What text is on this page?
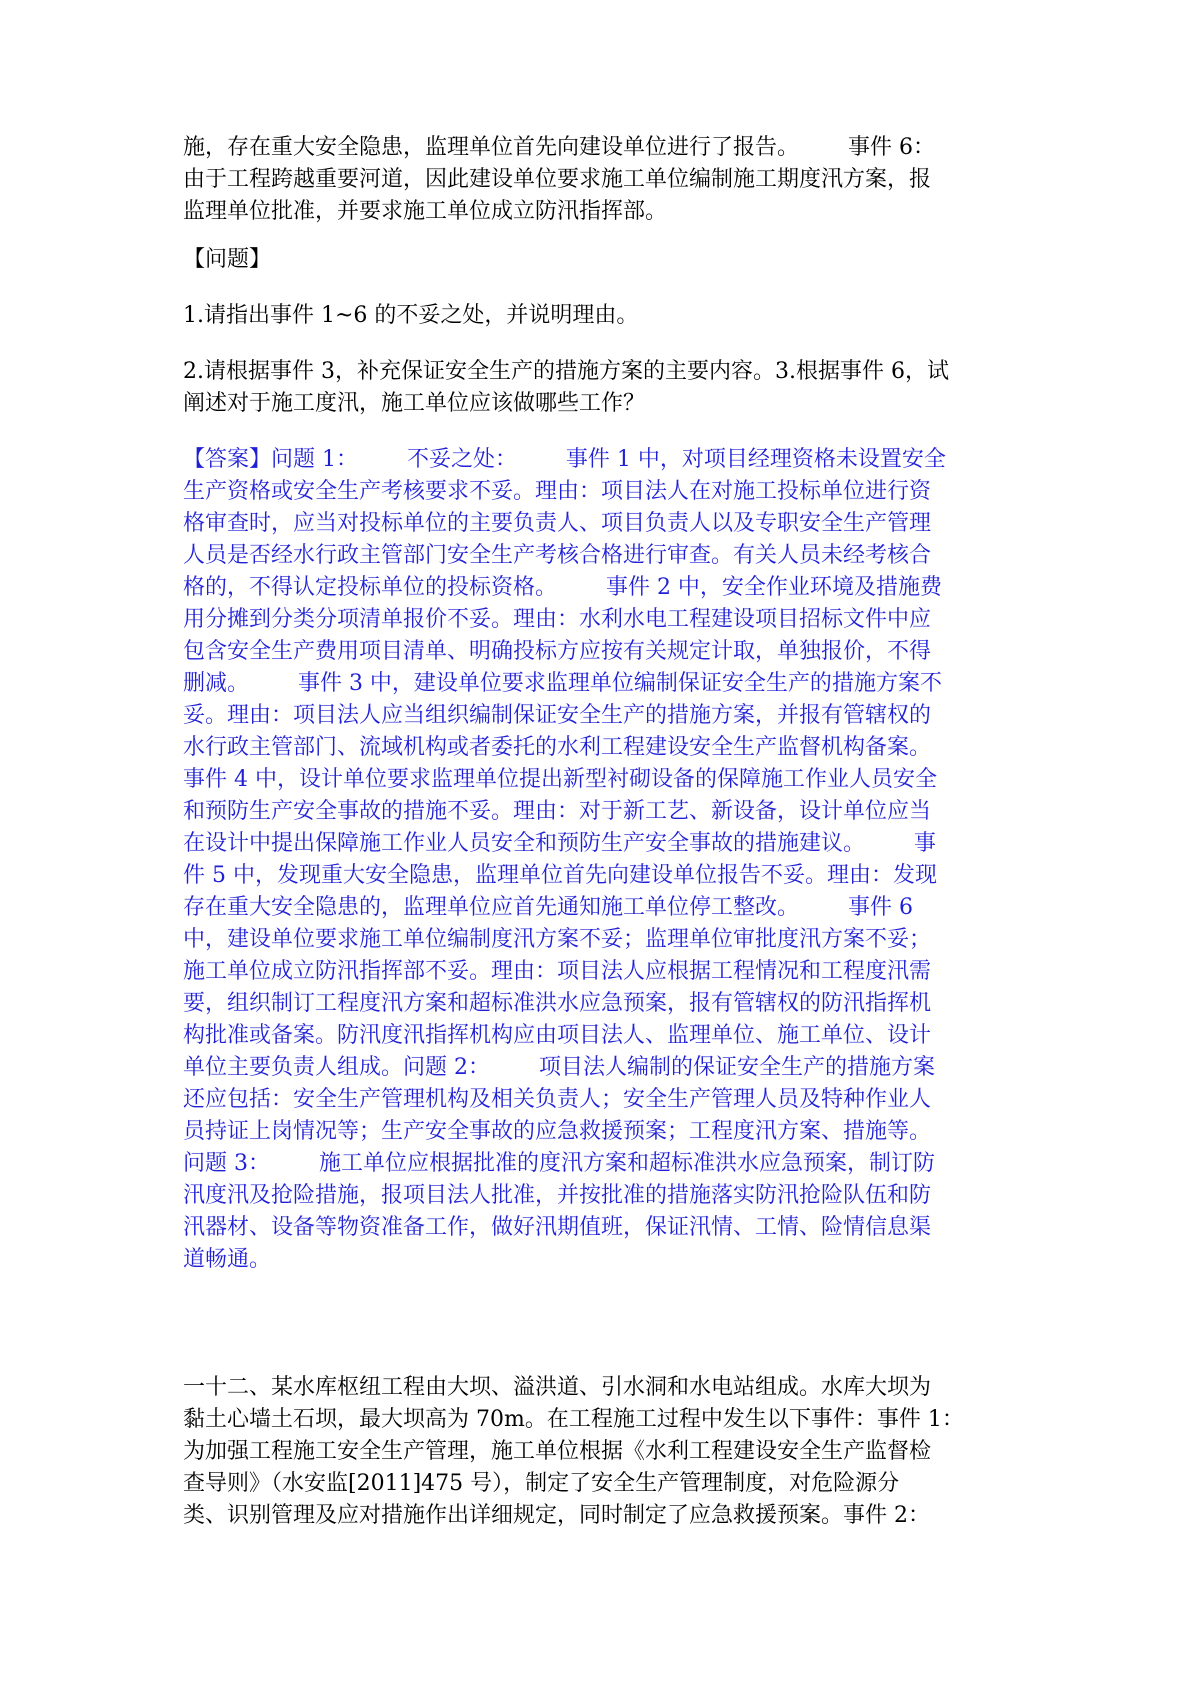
施，存在重大安全隐患，监理单位首先向建设单位进行了报告。       事件 6：
由于工程跨越重要河道，因此建设单位要求施工单位编制施工期度汛方案，报
监理单位批准，并要求施工单位成立防汛指挥部。

【问题】

1.请指出事件 1~6 的不妥之处，并说明理由。

2.请根据事件 3，补充保证安全生产的措施方案的主要内容。3.根据事件 6，试
阐述对于施工度汛，施工单位应该做哪些工作？

【答案】问题 1：       不妥之处：       事件 1 中，对项目经理资格未设置安全
生产资格或安全生产考核要求不妥。理由：项目法人在对施工投标单位进行资
格审查时，应当对投标单位的主要负责人、项目负责人以及专职安全生产管理
人员是否经水行政主管部门安全生产考核合格进行审查。有关人员未经考核合
格的，不得认定投标单位的投标资格。       事件 2 中，安全作业环境及措施费
用分摊到分类分项清单报价不妥。理由：水利水电工程建设项目招标文件中应
包含安全生产费用项目清单、明确投标方应按有关规定计取，单独报价，不得
删减。       事件 3 中，建设单位要求监理单位编制保证安全生产的措施方案不
妥。理由：项目法人应当组织编制保证安全生产的措施方案，并报有管辖权的
水行政主管部门、流域机构或者委托的水利工程建设安全生产监督机构备案。
事件 4 中，设计单位要求监理单位提出新型衬砌设备的保障施工作业人员安全
和预防生产安全事故的措施不妥。理由：对于新工艺、新设备，设计单位应当
在设计中提出保障施工作业人员安全和预防生产安全事故的措施建议。       事
件 5 中，发现重大安全隐患，监理单位首先向建设单位报告不妥。理由：发现
存在重大安全隐患的，监理单位应首先通知施工单位停工整改。       事件 6
中，建设单位要求施工单位编制度汛方案不妥；监理单位审批度汛方案不妥；
施工单位成立防汛指挥部不妥。理由：项目法人应根据工程情况和工程度汛需
要，组织制订工程度汛方案和超标准洪水应急预案，报有管辖权的防汛指挥机
构批准或备案。防汛度汛指挥机构应由项目法人、监理单位、施工单位、设计
单位主要负责人组成。问题 2：       项目法人编制的保证安全生产的措施方案
还应包括：安全生产管理机构及相关负责人；安全生产管理人员及特种作业人
员持证上岗情况等；生产安全事故的应急救援预案；工程度汛方案、措施等。
问题 3：       施工单位应根据批准的度汛方案和超标准洪水应急预案，制订防
汛度汛及抢险措施，报项目法人批准，并按批准的措施落实防汛抢险队伍和防
汛器材、设备等物资准备工作，做好汛期值班，保证汛情、工情、险情信息渠
道畅通。

一十二、某水库枢纽工程由大坝、溢洪道、引水洞和水电站组成。水库大坝为
黏土心墙土石坝，最大坝高为 70m。在工程施工过程中发生以下事件：事件 1：
为加强工程施工安全生产管理，施工单位根据《水利工程建设安全生产监督检
查导则》（水安监[2011]475 号），制定了安全生产管理制度，对危险源分
类、识别管理及应对措施作出详细规定，同时制定了应急救援预案。事件 2：
